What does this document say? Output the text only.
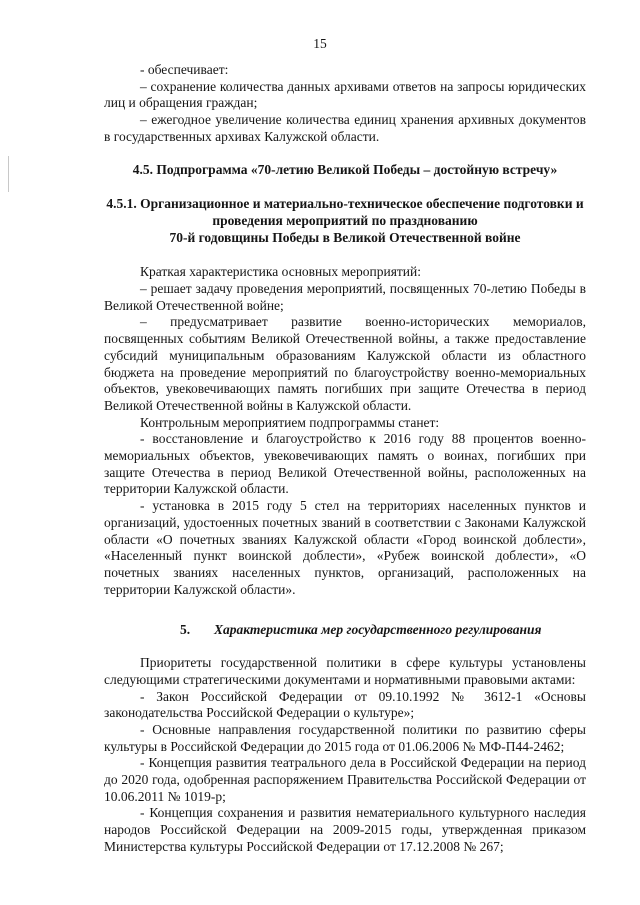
15

- обеспечивает:

– сохранение количества данных архивами ответов на запросы юридических лиц и обращения граждан;

– ежегодное увеличение количества единиц хранения архивных документов в государственных архивах Калужской области.

4.5. Подпрограмма «70-летию Великой Победы – достойную встречу»

4.5.1. Организационное и материально-техническое обеспечение подготовки и

проведения мероприятий по празднованию

70-й годовщины Победы в Великой Отечественной войне

Краткая характеристика основных мероприятий:

– решает задачу проведения мероприятий, посвященных 70-летию Победы в Великой Отечественной войне;

– предусматривает развитие военно-исторических мемориалов, посвященных событиям Великой Отечественной войны, а также предоставление субсидий муниципальным образованиям Калужской области из областного бюджета на проведение мероприятий по благоустройству военно-мемориальных объектов, увековечивающих память погибших при защите Отечества в период Великой Отечественной войны в Калужской области.

Контрольным мероприятием подпрограммы станет:

- восстановление и благоустройство к 2016 году 88 процентов военно-мемориальных объектов, увековечивающих память о воинах, погибших при защите Отечества в период Великой Отечественной войны, расположенных на территории Калужской области.

- установка в 2015 году 5 стел на территориях населенных пунктов и организаций, удостоенных почетных званий в соответствии с Законами Калужской области «О почетных званиях Калужской области «Город воинской доблести», «Населенный пункт воинской доблести», «Рубеж воинской доблести», «О почетных званиях населенных пунктов, организаций, расположенных на территории Калужской области».

5. Характеристика мер государственного регулирования

Приоритеты государственной политики в сфере культуры установлены следующими стратегическими документами и нормативными правовыми актами:

- Закон Российской Федерации от 09.10.1992 № 3612-1 «Основы законодательства Российской Федерации о культуре»;

- Основные направления государственной политики по развитию сферы культуры в Российской Федерации до 2015 года от 01.06.2006 № МФ-П44-2462;

- Концепция развития театрального дела в Российской Федерации на период до 2020 года, одобренная распоряжением Правительства Российской Федерации от 10.06.2011 № 1019-р;

- Концепция сохранения и развития нематериального культурного наследия народов Российской Федерации на 2009-2015 годы, утвержденная приказом Министерства культуры Российской Федерации от 17.12.2008 № 267;
